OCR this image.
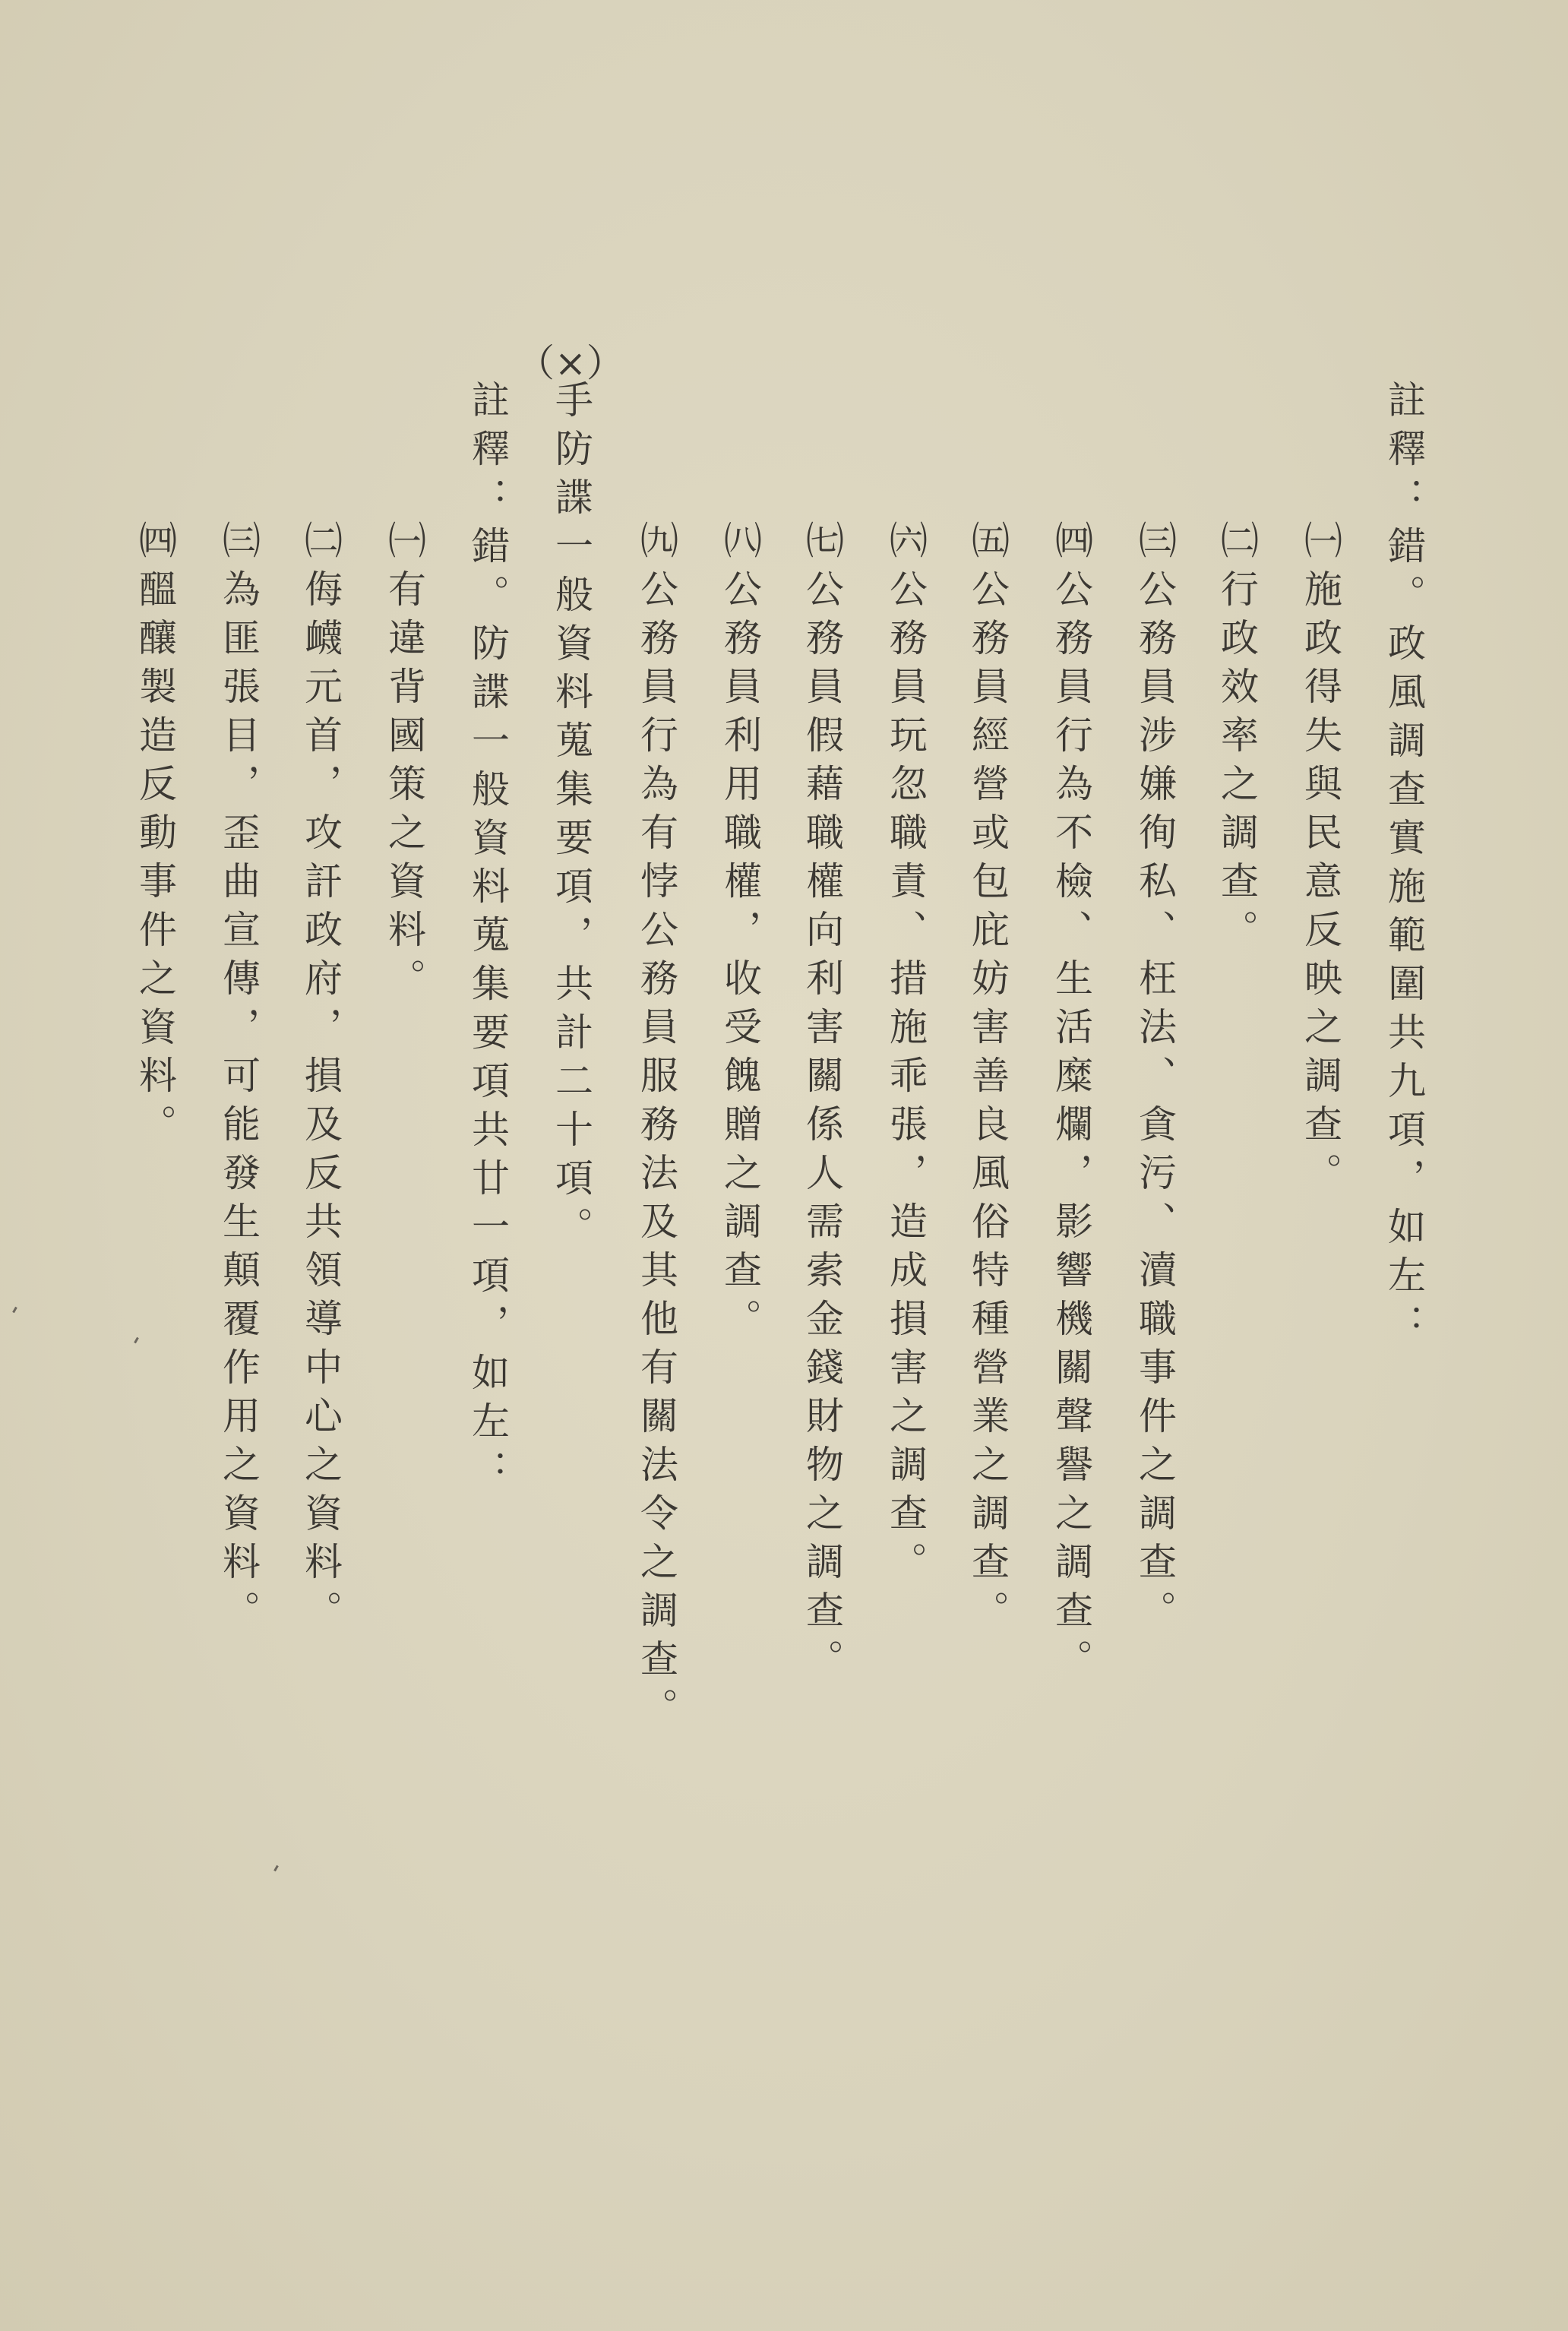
註釋：錯。政風調查實施範圍共九項，如左：
㈠施政得失與民意反映之調查。
㈡行政效率之調查。
㈢公務員涉嫌徇私、枉法、貪污、瀆職事件之調查。
㈣公務員行為不檢、生活糜爛，影響機關聲譽之調查。
㈤公務員經營或包庇妨害善良風俗特種營業之調查。
㈥公務員玩忽職責、措施乖張，造成損害之調查。
㈦公務員假藉職權向利害關係人需索金錢財物之調查。
㈧公務員利用職權，收受餽贈之調查。
㈨公務員行為有悖公務員服務法及其他有關法令之調查。
（×）
手防諜一般資料蒐集要項，共計二十項。
註釋：錯。防諜一般資料蒐集要項共廿一項，如左：
㈠有違背國策之資料。
㈡侮衊元首，攻訐政府，損及反共領導中心之資料。
㈢為匪張目，歪曲宣傳，可能發生顛覆作用之資料。
㈣醞釀製造反動事件之資料。
